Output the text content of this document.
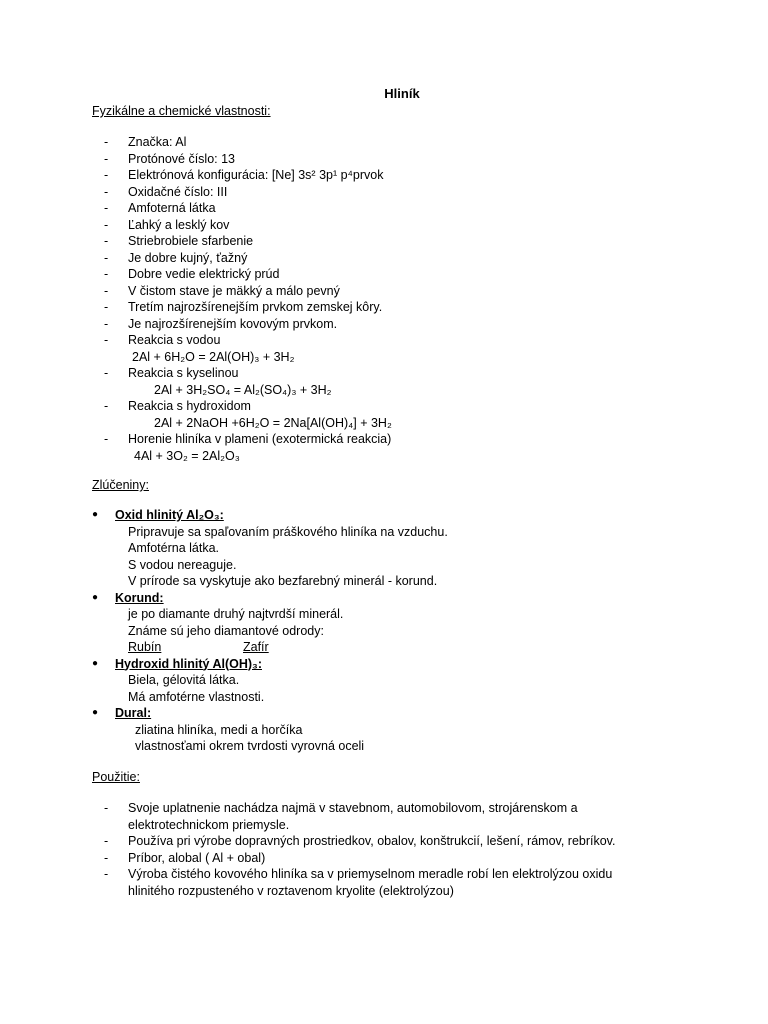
Hliník
Fyzikálne a chemické vlastnosti:
- Značka: Al
- Protónové číslo: 13
- Elektrónová konfigurácia: [Ne] 3s² 3p¹ p⁴prvok
- Oxidačné číslo: III
- Amfoterná látka
- Ľahký a lesklý kov
- Striebrobiele sfarbenie
- Je dobre kujný, ťažný
- Dobre vedie elektrický prúd
- V čistom stave je mäkký a málo pevný
- Tretím najrozšírenejším prvkom zemskej kôry.
- Je najrozšírenejším kovovým prvkom.
- Reakcia s vodou
2Al + 6H₂O = 2Al(OH)₃ + 3H₂
- Reakcia s kyselinou
2Al + 3H₂SO₄ = Al₂(SO₄)₃ + 3H₂
- Reakcia s hydroxidom
2Al + 2NaOH +6H₂O = 2Na[Al(OH)₄] + 3H₂
- Horenie hliníka v plameni (exotermická reakcia)
4Al + 3O₂ = 2Al₂O₃
Zlúčeniny:
● Oxid hlinitý Al₂O₃:
Pripravuje sa spaľovaním práškového hliníka na vzduchu.
Amfotérna látka.
S vodou nereaguje.
V prírode sa vyskytuje ako bezfarebný minerál - korund.
● Korund:
je po diamante druhý najtvrdší minerál.
Známe sú jeho diamantové odrody:
Rubín	Zafír
● Hydroxid hlinitý Al(OH)₃:
Biela, gélovitá látka.
Má amfotérne vlastnosti.
● Dural:
zliatina hliníka, medi a horčíka
vlastnosťami okrem tvrdosti vyrovná oceli
Použitie:
- Svoje uplatnenie nachádza najmä v stavebnom, automobilovom, strojárenskom a elektrotechnickom priemysle.
- Používa pri výrobe dopravných prostriedkov, obalov, konštrukcií, lešení, rámov, rebríkov.
- Príbor, alobal ( Al + obal)
- Výroba čistého kovového hliníka sa v priemyselnom meradle robí len elektrolýzou oxidu hlinitého rozpusteného v roztavenom kryolite (elektrolýzou)
